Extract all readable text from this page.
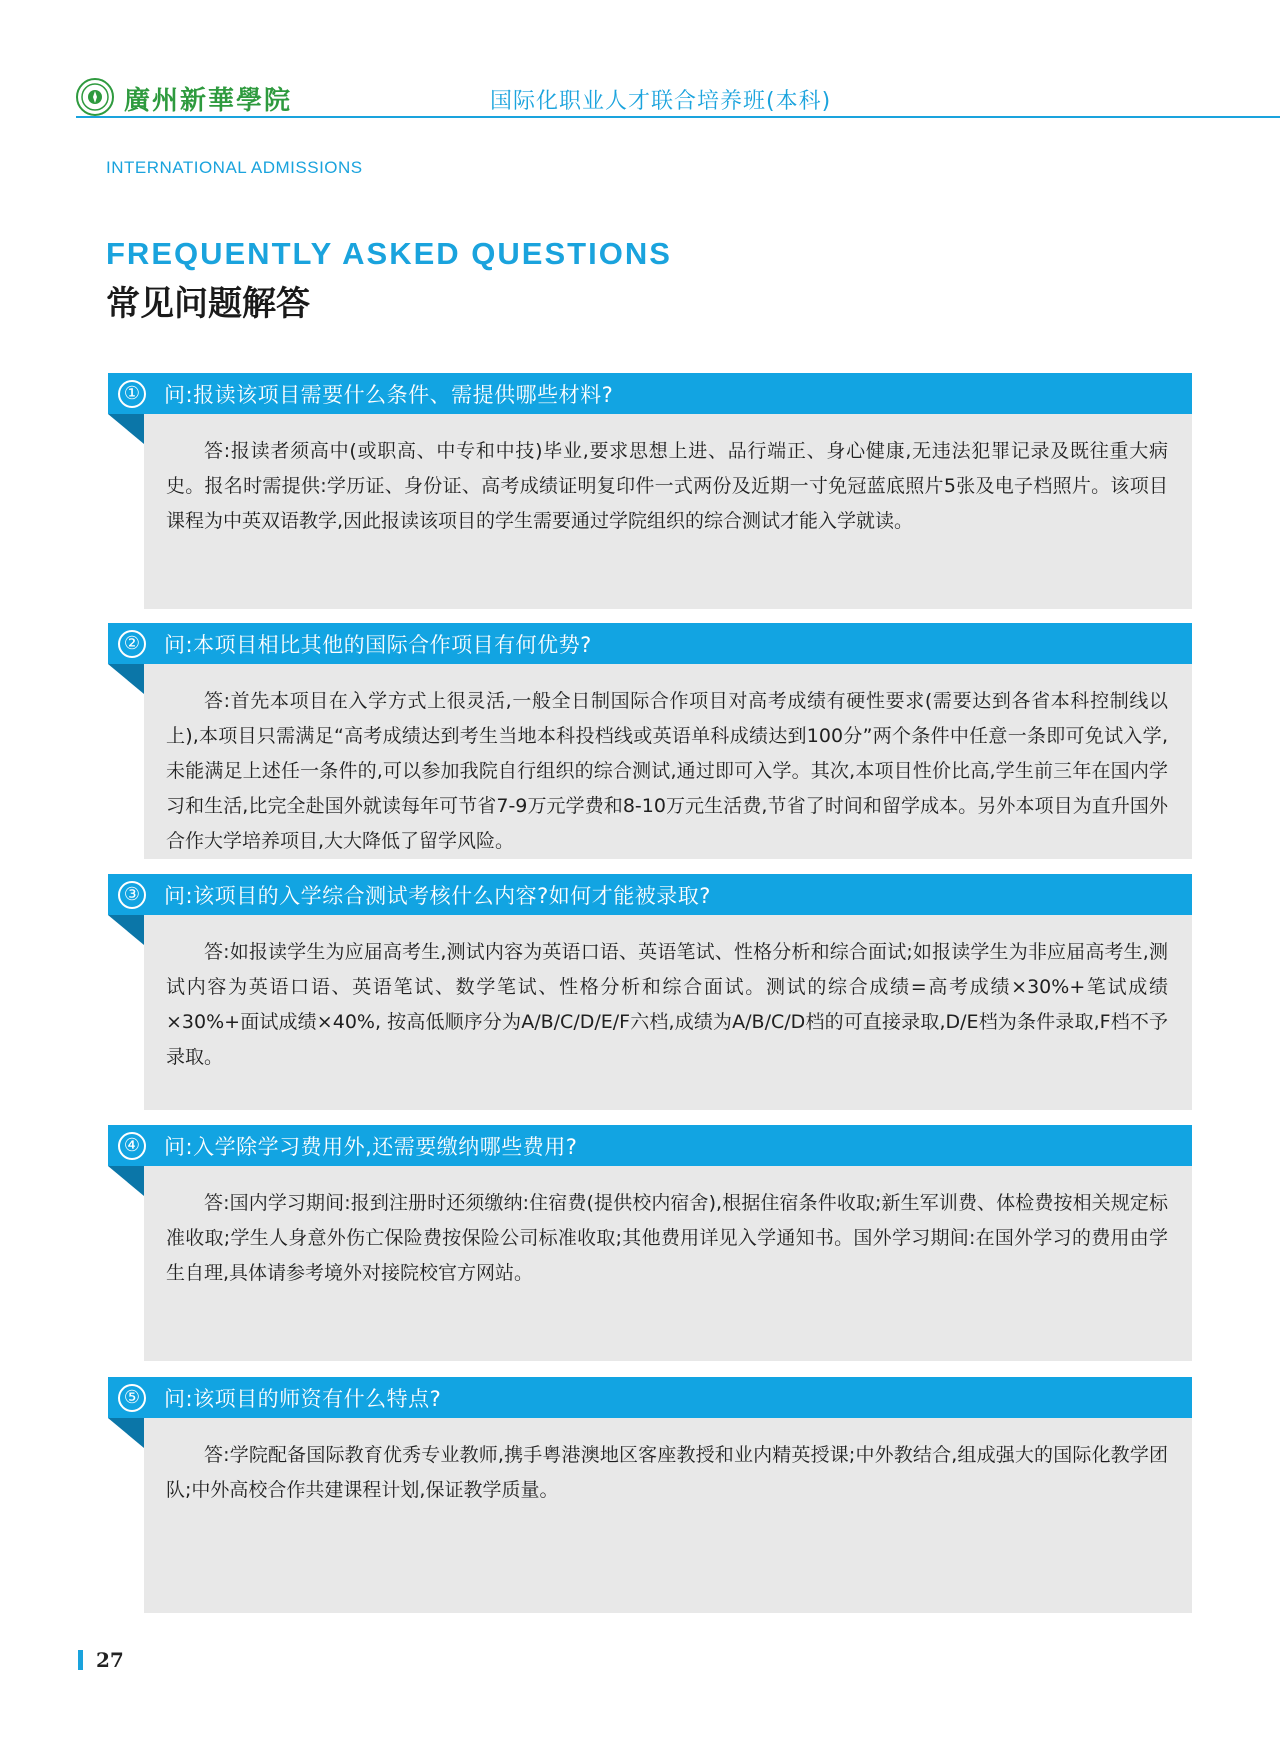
廣州新華學院	国际化职业人才联合培养班(本科)
INTERNATIONAL ADMISSIONS
FREQUENTLY ASKED QUESTIONS
常见问题解答
① 问:报读该项目需要什么条件、需提供哪些材料?

答:报读者须高中(或职高、中专和中技)毕业,要求思想上进、品行端正、身心健康,无违法犯罪记录及既往重大病史。报名时需提供:学历证、身份证、高考成绩证明复印件一式两份及近期一寸免冠蓝底照片5张及电子档照片。该项目课程为中英双语教学,因此报读该项目的学生需要通过学院组织的综合测试才能入学就读。

② 问:本项目相比其他的国际合作项目有何优势?

答:首先本项目在入学方式上很灵活,一般全日制国际合作项目对高考成绩有硬性要求(需要达到各省本科控制线以上),本项目只需满足“高考成绩达到考生当地本科投档线或英语单科成绩达到100分”两个条件中任意一条即可免试入学,未能满足上述任一条件的,可以参加我院自行组织的综合测试,通过即可入学。其次,本项目性价比高,学生前三年在国内学习和生活,比完全赴国外就读每年可节省7-9万元学费和8-10万元生活费,节省了时间和留学成本。另外本项目为直升国外合作大学培养项目,大大降低了留学风险。

③ 问:该项目的入学综合测试考核什么内容?如何才能被录取?

答:如报读学生为应届高考生,测试内容为英语口语、英语笔试、性格分析和综合面试;如报读学生为非应届高考生,测试内容为英语口语、英语笔试、数学笔试、性格分析和综合面试。测试的综合成绩=高考成绩×30%+笔试成绩×30%+面试成绩×40%, 按高低顺序分为A/B/C/D/E/F六档,成绩为A/B/C/D档的可直接录取,D/E档为条件录取,F档不予录取。

④ 问:入学除学习费用外,还需要缴纳哪些费用?

答:国内学习期间:报到注册时还须缴纳:住宿费(提供校内宿舍),根据住宿条件收取;新生军训费、体检费按相关规定标准收取;学生人身意外伤亡保险费按保险公司标准收取;其他费用详见入学通知书。国外学习期间:在国外学习的费用由学生自理,具体请参考境外对接院校官方网站。

⑤ 问:该项目的师资有什么特点?

答:学院配备国际教育优秀专业教师,携手粤港澳地区客座教授和业内精英授课;中外教结合,组成强大的国际化教学团队;中外高校合作共建课程计划,保证教学质量。

27
